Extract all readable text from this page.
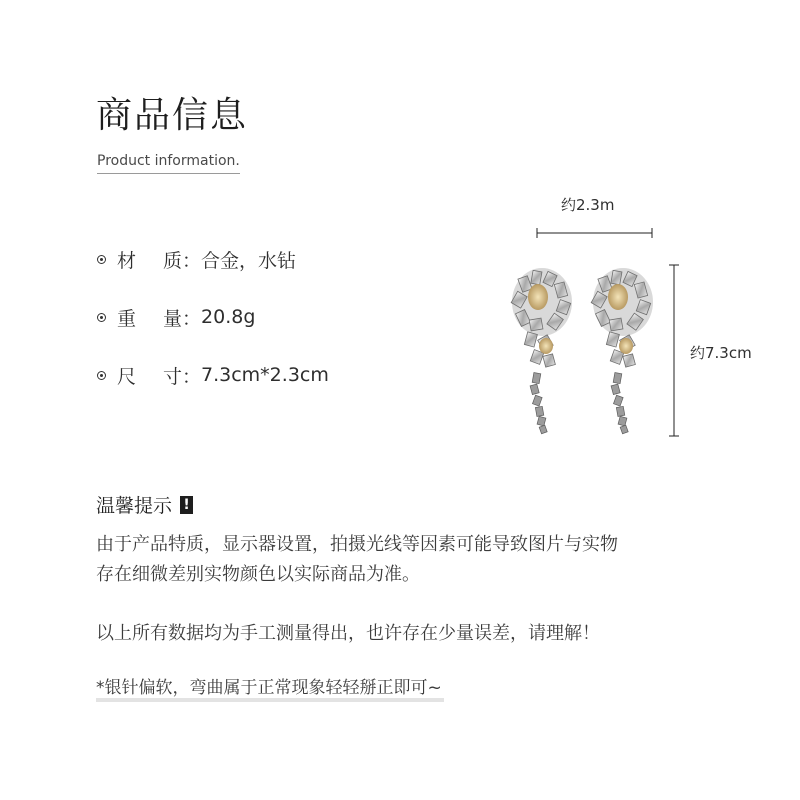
商品信息
Product information.
材	质： 合金，水钻
重	量： 20.8g
尺	寸： 7.3cm*2.3cm
约2.3m
约7.3cm
温馨提示 !
由于产品特质，显示器设置，拍摄光线等因素可能导致图片与实物
存在细微差别实物颜色以实际商品为准。
以上所有数据均为手工测量得出，也许存在少量误差，请理解！
*银针偏软，弯曲属于正常现象轻轻掰正即可~
